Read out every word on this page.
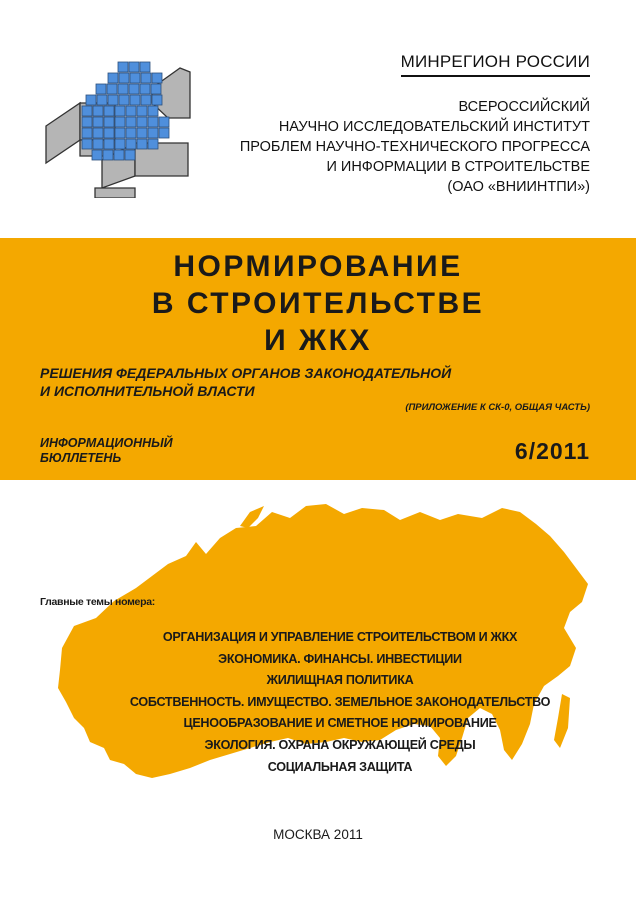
МИНРЕГИОН РОССИИ
ВСЕРОССИЙСКИЙ
НАУЧНО ИССЛЕДОВАТЕЛЬСКИЙ ИНСТИТУТ
ПРОБЛЕМ НАУЧНО-ТЕХНИЧЕСКОГО ПРОГРЕССА
И ИНФОРМАЦИИ В СТРОИТЕЛЬСТВЕ
(ОАО «ВНИИНТПИ»)
НОРМИРОВАНИЕ
В СТРОИТЕЛЬСТВЕ
И ЖКХ
РЕШЕНИЯ ФЕДЕРАЛЬНЫХ ОРГАНОВ ЗАКОНОДАТЕЛЬНОЙ
И ИСПОЛНИТЕЛЬНОЙ ВЛАСТИ
(ПРИЛОЖЕНИЕ К СК-0, ОБЩАЯ ЧАСТЬ)
ИНФОРМАЦИОННЫЙ
БЮЛЛЕТЕНЬ	6/2011
Главные темы номера:
ОРГАНИЗАЦИЯ И УПРАВЛЕНИЕ СТРОИТЕЛЬСТВОМ И ЖКХ
ЭКОНОМИКА. ФИНАНСЫ. ИНВЕСТИЦИИ
ЖИЛИЩНАЯ ПОЛИТИКА
СОБСТВЕННОСТЬ. ИМУЩЕСТВО. ЗЕМЕЛЬНОЕ ЗАКОНОДАТЕЛЬСТВО
ЦЕНООБРАЗОВАНИЕ И СМЕТНОЕ НОРМИРОВАНИЕ
ЭКОЛОГИЯ. ОХРАНА ОКРУЖАЮЩЕЙ СРЕДЫ
СОЦИАЛЬНАЯ ЗАЩИТА
МОСКВА 2011
